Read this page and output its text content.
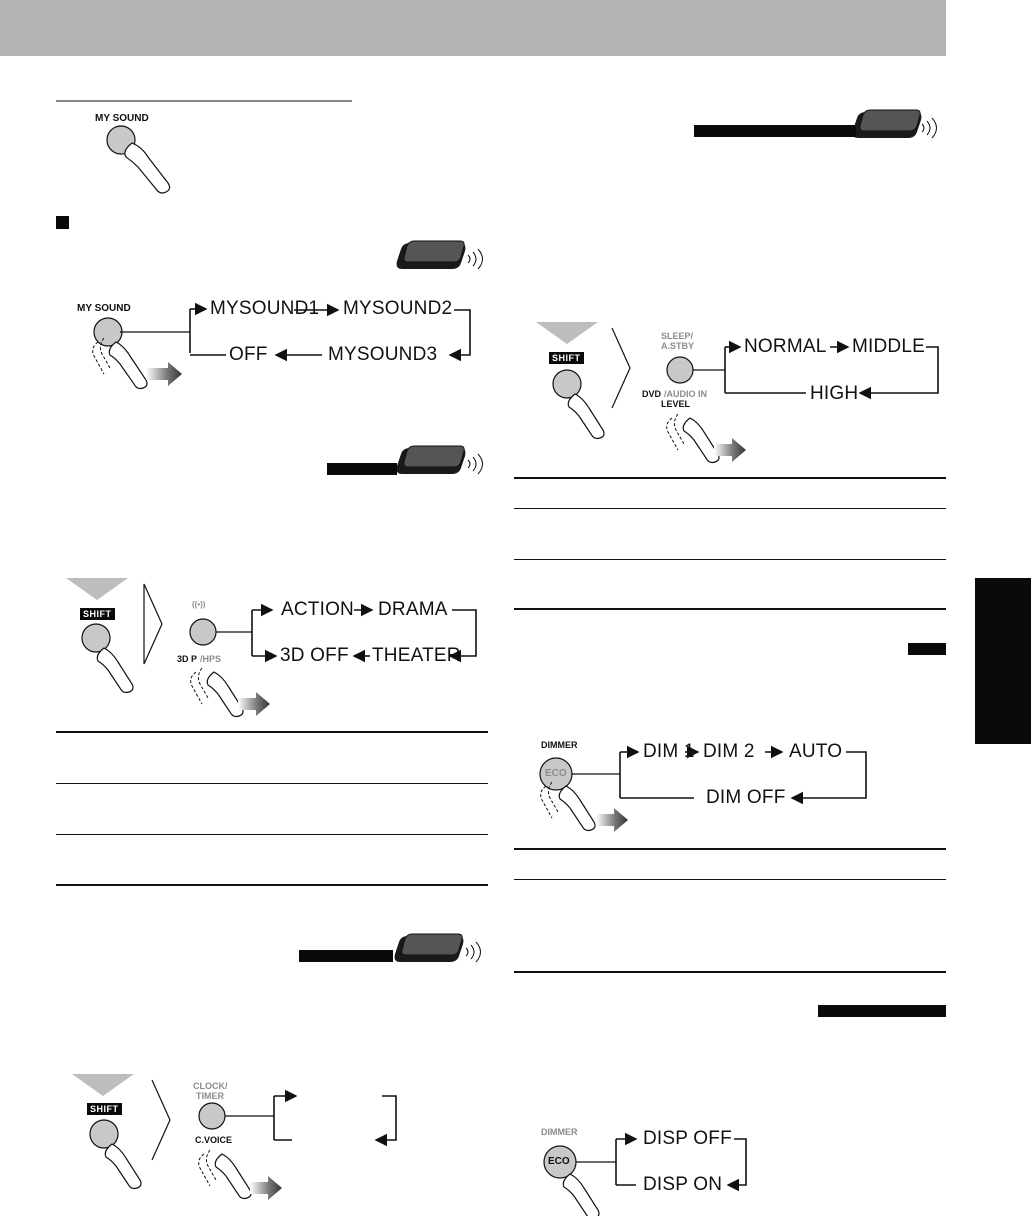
MY SOUND
MY SOUND
SHIFT
SLEEP/
A.STBY
DVD /AUDIO IN
LEVEL
SHIFT
((•))
3D P /HPS
DIMMER
ECO
SHIFT
CLOCK/
TIMER
C.VOICE
DIMMER
ECO
MYSOUND1 MYSOUND2
MYSOUND3
OFF	NORMAL MIDDLE
HIGH
ACTION DRAMA
3D OFF THEATER
DIM 1 DIM 2 AUTO
DIM OFF
DISP OFF
DISP ON
